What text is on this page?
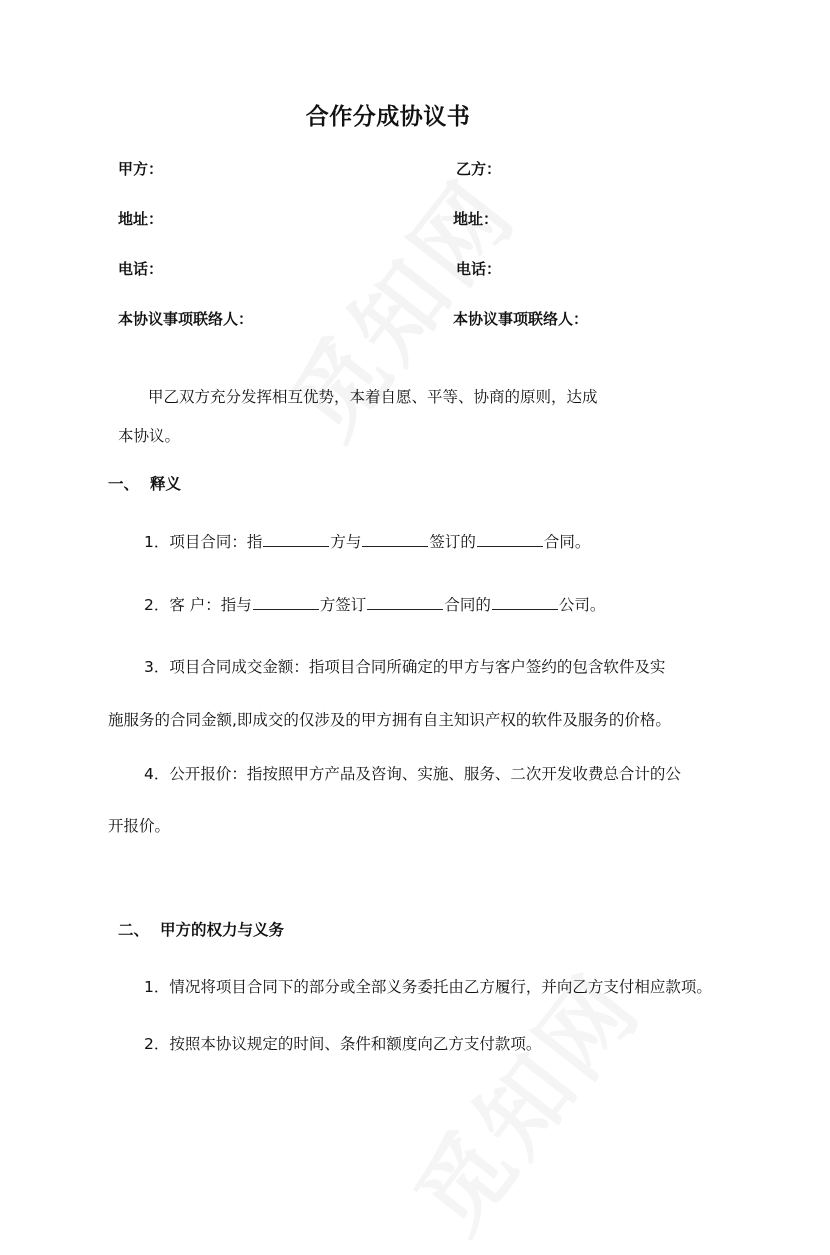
合作分成协议书
甲方：
地址：
电话：
本协议事项联络人：
乙方：
地址：
电话：
本协议事项联络人：
甲乙双方充分发挥相互优势，本着自愿、平等、协商的原则，达成
本协议。
一、 释义
1．项目合同：指	方与	签订的	合同。
2．客 户：指与	方签订	合同的	公司。
3．项目合同成交金额：指项目合同所确定的甲方与客户签约的包含软件及实
施服务的合同金额,即成交的仅涉及的甲方拥有自主知识产权的软件及服务的价格。
4．公开报价：指按照甲方产品及咨询、实施、服务、二次开发收费总合计的公
开报价。
二、 甲方的权力与义务
1．情况将项目合同下的部分或全部义务委托由乙方履行，并向乙方支付相应款项。
2．按照本协议规定的时间、条件和额度向乙方支付款项。
